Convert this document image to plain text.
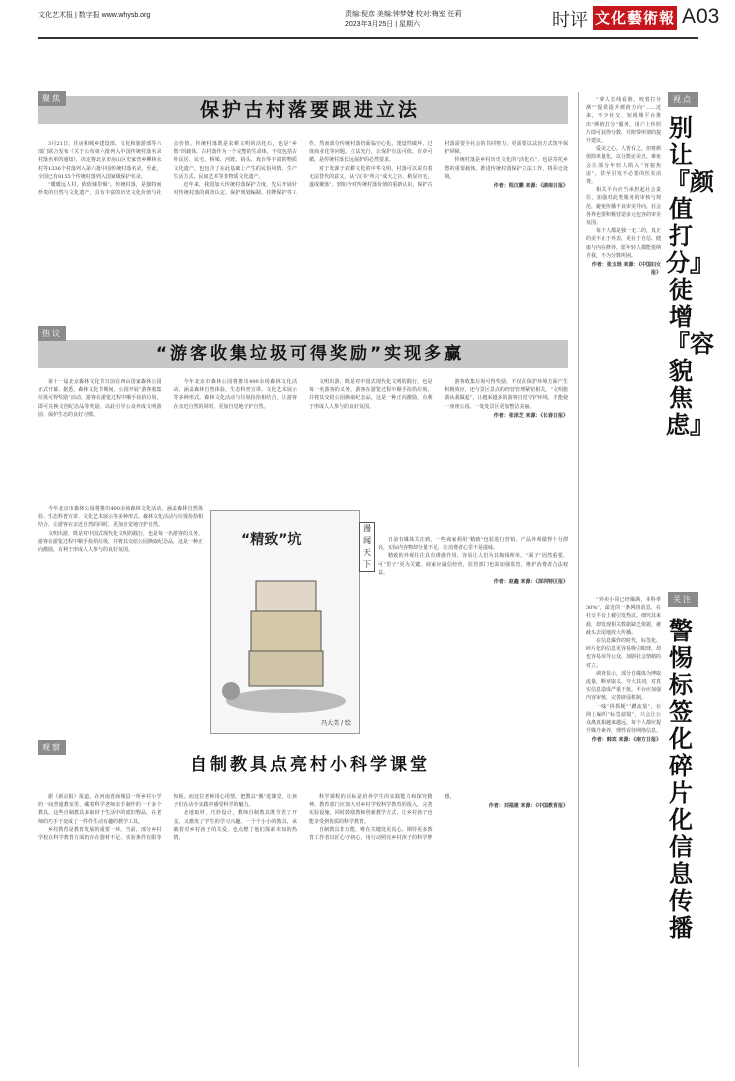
文化艺术报 | 数字报 www.whysb.org	责编:倪彦 美编:钟梦婕 校对:梅室 任莉
2023年3月25日 | 星期六	时评 文化藝術報 A03
聚焦
保护古村落要跟进立法

3月21日，住房和城乡建设部、文化和旅游部等六部门联合发布《关于公布第六批列入中国传统村落名录村落名单的通知》，决定将北京市房山区史家营乡柳林水村等1336个村落列入第六批中国传统村落名录。至此，全国已有8155个传统村落列入国家级保护名录。

“暖暖远人村，依依墟里烟”。传统村落，是独特而珍贵的自然与文化遗产，具有丰富的历史文化价值与社会价值。传统村落既是农耕文明的活化石，也是“乡愁”的载体。古村落作为一个完整的生命体，不仅包括古朴民居、民宅、桥梁、河渡、码头、戏台等丰富的物质文化遗产，也包含了在此基础上产生的民俗风情、生产生活方式、民间艺术等非物质文化遗产。

近年来，我国加大传统村落保护力度，先后开展针对传统村落的调查认定、保护规划编制、挂牌保护等工作，然而部分传统村落仍面临空心化、建设性破坏、过度商业化等问题。立法先行，让保护有法可依、有章可循，是传统村落长远保护的必然要求。

对于发源于农耕文化的中华文明，村落可以说有着无法替代的意义。从“汉书”所言“成天之宫，稍显宫宅，遂成聚落”，到如今对传统村落价值的重新认识，保护古村落需要全社会的共同努力，更需要以法治方式筑牢保护屏障。

传统村落是乡村历史文化的“活化石”，也是寄托乡愁的重要载体。推进传统村落保护立法工作，将乔迁处境。

作者：程汉鹏 来源：《湖南日报》
热议
“游客收集垃圾可得奖励”实现多赢

第十一届北京森林文化节日前在西山国家森林公园正式开幕。据悉，森林文化节期间，公园开展“游客收集垃圾可得奖励”活动，游客在游览过程中顺手捡拾垃圾，即可兑换文创纪念品等奖励，以此引导公众养成文明游园、保护生态的良好习惯。

今年北京市森林公园将推出400余场森林文化活动，涵盖森林自然体验、生态科普宣讲、文化艺术展示等多种形式。森林文化活动与垃圾捡拾相结合，让游客在亲近自然的同时，更加自觉地守护自然。

文明出游，既是对中国式现代化文明的践行，也是每一名游客的义务。游客在游览过程中顺手捡拾垃圾，并将其交给公园换取纪念品，这是一种正向激励，有利于形成人人参与的良好氛围。

游客收集垃圾可得奖励，不仅在保护环境方面产生积极效应，还与景区景点的经营管理紧密相关。“文明旅游从我做起”，让越来越多的游客自觉守护环境，才能使一座座公园、一处处景区更加整洁美丽。

作者：张泽芝 来源：《长春日报》

今年北京市森林公园将推出400余场森林文化活动，涵盖森林自然体验、生态科普宣讲、文化艺术展示等多种形式。森林文化活动与垃圾捡拾相结合，让游客在亲近自然的同时，更加自觉地守护自然。

文明出游，既是对中国式现代化文明的践行，也是每一名游客的义务。游客在游览过程中顺手捡拾垃圾，并将其交给公园换取纪念品，这是一种正向激励，有利于形成人人参与的良好氛围。

“精致”坑
冯大美 / 绘
漫闻天下

日前有媒体关注到，一些商家利用“精致”包装进行营销，产品外观做得十分漂亮，实际内容物却分量不足，让消费者心里不是滋味。

精致的外观往往具有诱惑作用，容易让人们为其掏钱埋单。“面子”固然重要，可“里子”更为关键。商家应诚信经营，监管部门也需加强监管，维护消费者合法权益。

作者：赵鑫 来源：《深圳特区报》
观察
自制教具点亮村小科学课堂

据《新京报》报道，在河南省商城县一所乡村小学的一间普通教室里，藏着科学老师亲手制作的一千多个教具。这些自制教具多取材于生活中的废旧物品，在老师的巧手下变成了一件件生动有趣的教学工具。

乡村教育是教育发展的重要一环。当前，部分乡村学校在科学教育方面仍存在器材不足、实验条件有限等短板。而这位老师用心用情，把教具“搬”进课堂，让孩子们在动手实践中感受科学的魅力。

北地取材，巧妙设计，教师自制教具既节省了开支，又激发了学生的学习兴趣。一个个小小的教具，承载着对乡村孩子的关爱，也点燃了他们探索未知的热情。

科学课程的目标是培养学生的实践能力和探究精神。教育部门应加大对乡村学校科学教育的投入，完善实验设施，同时鼓励教师创新教学方式，让乡村孩子也能享受到优质的科学教育。

自制教具非万能，唯在关键处见真心。期待更多教育工作者以匠心守初心，用行动照亮乡村孩子的科学梦想。

作者：刘福建 来源：《中国教育报》
视点
别让『颜值打分』徒增『容貌焦虑』

“拿人长线看脸，咬着打分测”“提供提升颜值方向”……近来，不少社交、短视频平台推出“颜值打分”服务，用户上传照片即可获得分数，并附带所谓的提升建议。

爱美之心，人皆有之。但将颜值简单量化，以分数论美丑，难免会让部分年轻人陷入“容貌焦虑”，甚至引发不必要的医美消费。

相关平台应当承担起社会责任，加强对此类服务的审核与规范，避免传播不良审美导向。社会各界也要积极营造多元包容的审美氛围。

每个人都是独一无二的，真正的美不止于外表，更在于自信、健康与内在修养。愿年轻人都能悦纳自我，不为分数所困。

作者：张玉琏 来源：《中国妇女报》
关注
警惕标签化碎片化信息传播

“外卖小哥已经爆满，本科率30%”，最近的一条网络消息，在社交平台上被引发热议。细究其来源，却发现相关数据缺乏依据，被截头去尾地放大传播。

在信息爆炸的时代，标签化、碎片化的信息更容易吸引眼球，却也容易误导公众，加剧社会情绪的对立。

调查显示，部分自媒体为博取流量，断章取义、夸大其词，对真实信息造成严重干扰。平台应加强内容审核，完善辟谣机制。

一味“拼抓梗”“蹭流量”，在网上编织“标签滤镜”，只会让公众离真相越来越远。每个人都应提升媒介素养，理性看待网络信息。

作者：韩宾 来源：《南方日报》
